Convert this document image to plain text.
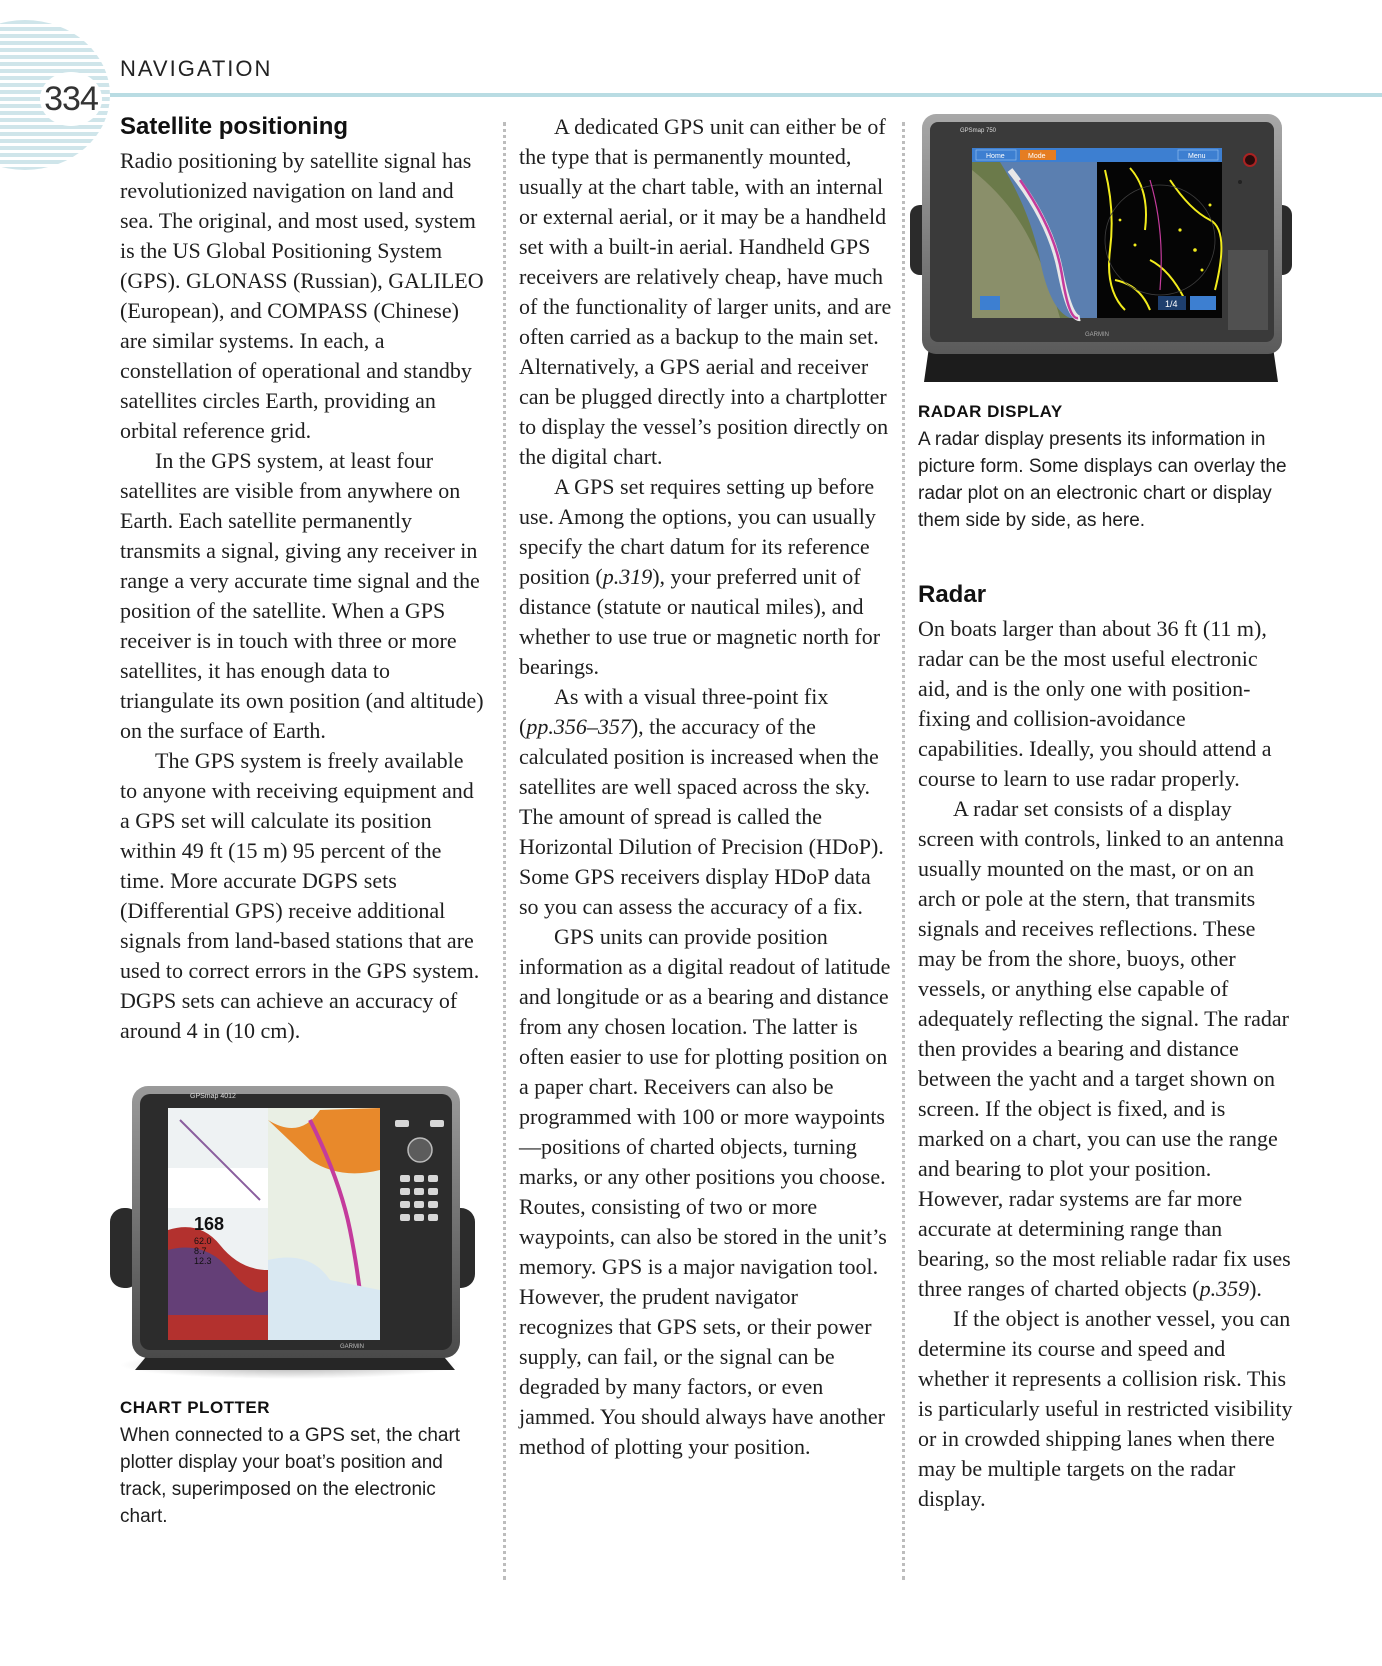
334
NAVIGATION
Satellite positioning

Radio positioning by satellite signal has revolutionized navigation on land and sea. The original, and most used, system is the US Global Positioning System (GPS). GLONASS (Russian), GALILEO (European), and COMPASS (Chinese) are similar systems. In each, a constellation of operational and standby satellites circles Earth, providing an orbital reference grid.

In the GPS system, at least four satellites are visible from anywhere on Earth. Each satellite permanently transmits a signal, giving any receiver in range a very accurate time signal and the position of the satellite. When a GPS receiver is in touch with three or more satellites, it has enough data to triangulate its own position (and altitude) on the surface of Earth.

The GPS system is freely available to anyone with receiving equipment and a GPS set will calculate its position within 49 ft (15 m) 95 percent of the time. More accurate DGPS sets (Differential GPS) receive additional signals from land-based stations that are used to correct errors in the GPS system. DGPS sets can achieve an accuracy of around 4 in (10 cm).

168
62.0
8.7
12.3
GPSmap 4012
GARMIN
CHART PLOTTER

When connected to a GPS set, the chart plotter display your boat’s position and track, superimposed on the electronic chart.

A dedicated GPS unit can either be of the type that is permanently mounted, usually at the chart table, with an internal or external aerial, or it may be a handheld set with a built-in aerial. Handheld GPS receivers are relatively cheap, have much of the functionality of larger units, and are often carried as a backup to the main set. Alternatively, a GPS aerial and receiver can be plugged directly into a chartplotter to display the vessel’s position directly on the digital chart.

A GPS set requires setting up before use. Among the options, you can usually specify the chart datum for its reference position (p.319), your preferred unit of distance (statute or nautical miles), and whether to use true or magnetic north for bearings.

As with a visual three-point fix (pp.356–357), the accuracy of the calculated position is increased when the satellites are well spaced across the sky. The amount of spread is called the Horizontal Dilution of Precision (HDoP). Some GPS receivers display HDoP data so you can assess the accuracy of a fix.

GPS units can provide position information as a digital readout of latitude and longitude or as a bearing and distance from any chosen location. The latter is often easier to use for plotting position on a paper chart. Receivers can also be programmed with 100 or more waypoints—positions of charted objects, turning marks, or any other positions you choose. Routes, consisting of two or more waypoints, can also be stored in the unit’s memory. GPS is a major navigation tool. However, the prudent navigator recognizes that GPS sets, or their power supply, can fail, or the signal can be degraded by many factors, or even jammed. You should always have another method of plotting your position.

Home	Mode	Menu
1/4
GPSmap 750
GARMIN
RADAR DISPLAY

A radar display presents its information in picture form. Some displays can overlay the radar plot on an electronic chart or display them side by side, as here.

Radar

On boats larger than about 36 ft (11 m), radar can be the most useful electronic aid, and is the only one with position-fixing and collision-avoidance capabilities. Ideally, you should attend a course to learn to use radar properly.

A radar set consists of a display screen with controls, linked to an antenna usually mounted on the mast, or on an arch or pole at the stern, that transmits signals and receives reflections. These may be from the shore, buoys, other vessels, or anything else capable of adequately reflecting the signal. The radar then provides a bearing and distance between the yacht and a target shown on screen. If the object is fixed, and is marked on a chart, you can use the range and bearing to plot your position. However, radar systems are far more accurate at determining range than bearing, so the most reliable radar fix uses three ranges of charted objects (p.359).

If the object is another vessel, you can determine its course and speed and whether it represents a collision risk. This is particularly useful in restricted visibility or in crowded shipping lanes when there may be multiple targets on the radar display.
